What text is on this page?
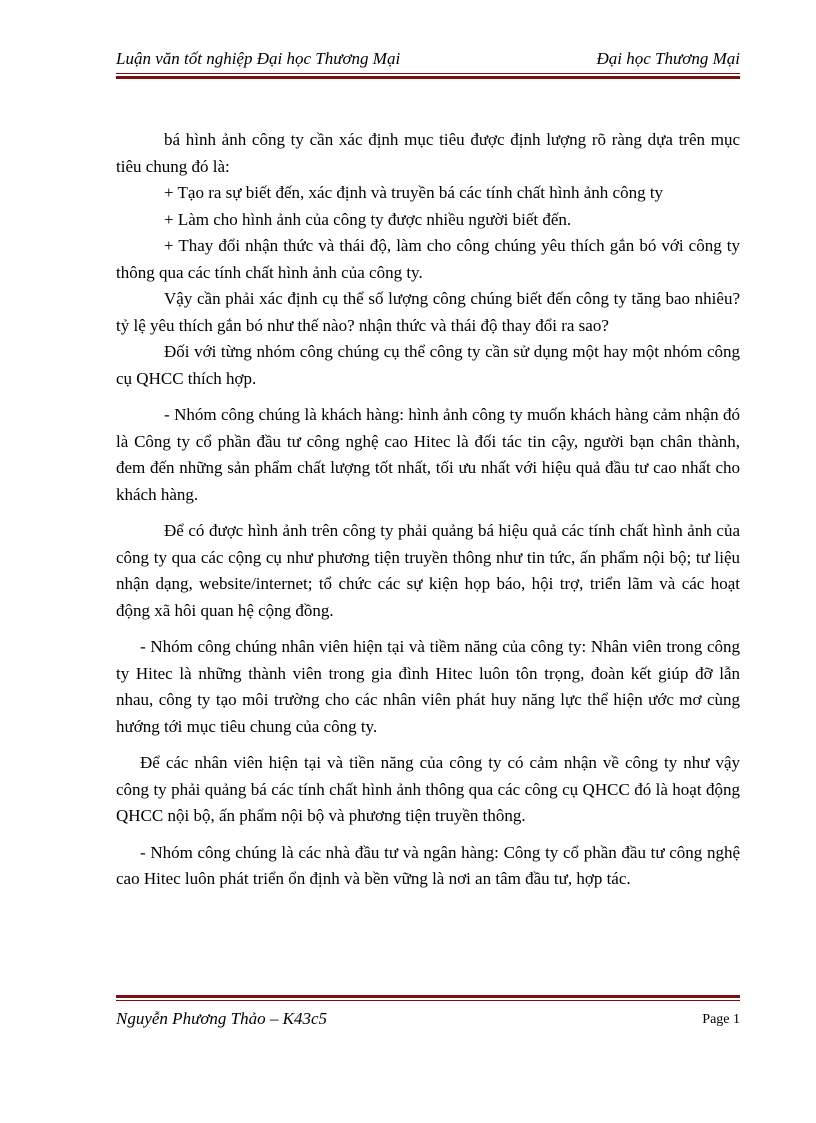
Luận văn tốt nghiệp Đại học Thương Mại	Đại học Thương Mại

bá hình ảnh công ty cần xác định mục tiêu được định lượng rõ ràng dựa trên mục tiêu chung đó là:

+ Tạo ra sự biết đến, xác định và truyền bá các tính chất hình ảnh công ty

+ Làm cho hình ảnh của công ty được nhiều người biết đến.

+ Thay đổi nhận thức và thái độ, làm cho công chúng yêu thích gắn bó với công ty thông qua các tính chất hình ảnh của công ty.

Vậy cần phải xác định cụ thể số lượng công chúng biết đến công ty tăng bao nhiêu? tỷ lệ yêu thích gắn bó như thế nào? nhận thức và thái độ thay đổi ra sao?

Đối với từng nhóm công chúng cụ thể công ty cần sử dụng một hay một nhóm công cụ QHCC thích hợp.

- Nhóm công chúng là khách hàng: hình ảnh công ty muốn khách hàng cảm nhận đó là Công ty cổ phần đầu tư công nghệ cao Hitec là đối tác tin cậy, người bạn chân thành, đem đến những sản phẩm chất lượng tốt nhất, tối ưu nhất với hiệu quả đầu tư cao nhất cho khách hàng.

Để có được hình ảnh trên công ty phải quảng bá hiệu quả các tính chất hình ảnh của công ty qua các cộng cụ như phương tiện truyền thông như tin tức, ấn phẩm nội bộ; tư liệu nhận dạng, website/internet; tổ chức các sự kiện họp báo, hội trợ, triển lãm và các hoạt động xã hôi quan hệ cộng đồng.

- Nhóm công chúng nhân viên hiện tại và tiềm năng của công ty: Nhân viên trong công ty Hitec là những thành viên trong gia đình Hitec luôn tôn trọng, đoàn kết giúp đỡ lẫn nhau, công ty tạo môi trường cho các nhân viên phát huy năng lực thể hiện ước mơ cùng hướng tới mục tiêu chung của công ty.

Để các nhân viên hiện tại và tiền năng của công ty có cảm nhận về công ty như vậy công ty phải quảng bá các tính chất hình ảnh thông qua các công cụ QHCC đó là hoạt động QHCC nội bộ, ấn phẩm nội bộ và phương tiện truyền thông.

- Nhóm công chúng là các nhà đầu tư và ngân hàng: Công ty cổ phần đầu tư công nghệ cao Hitec luôn phát triển ổn định và bền vững là nơi an tâm đầu tư, hợp tác.

Nguyễn Phương Thảo – K43c5	Page 1
